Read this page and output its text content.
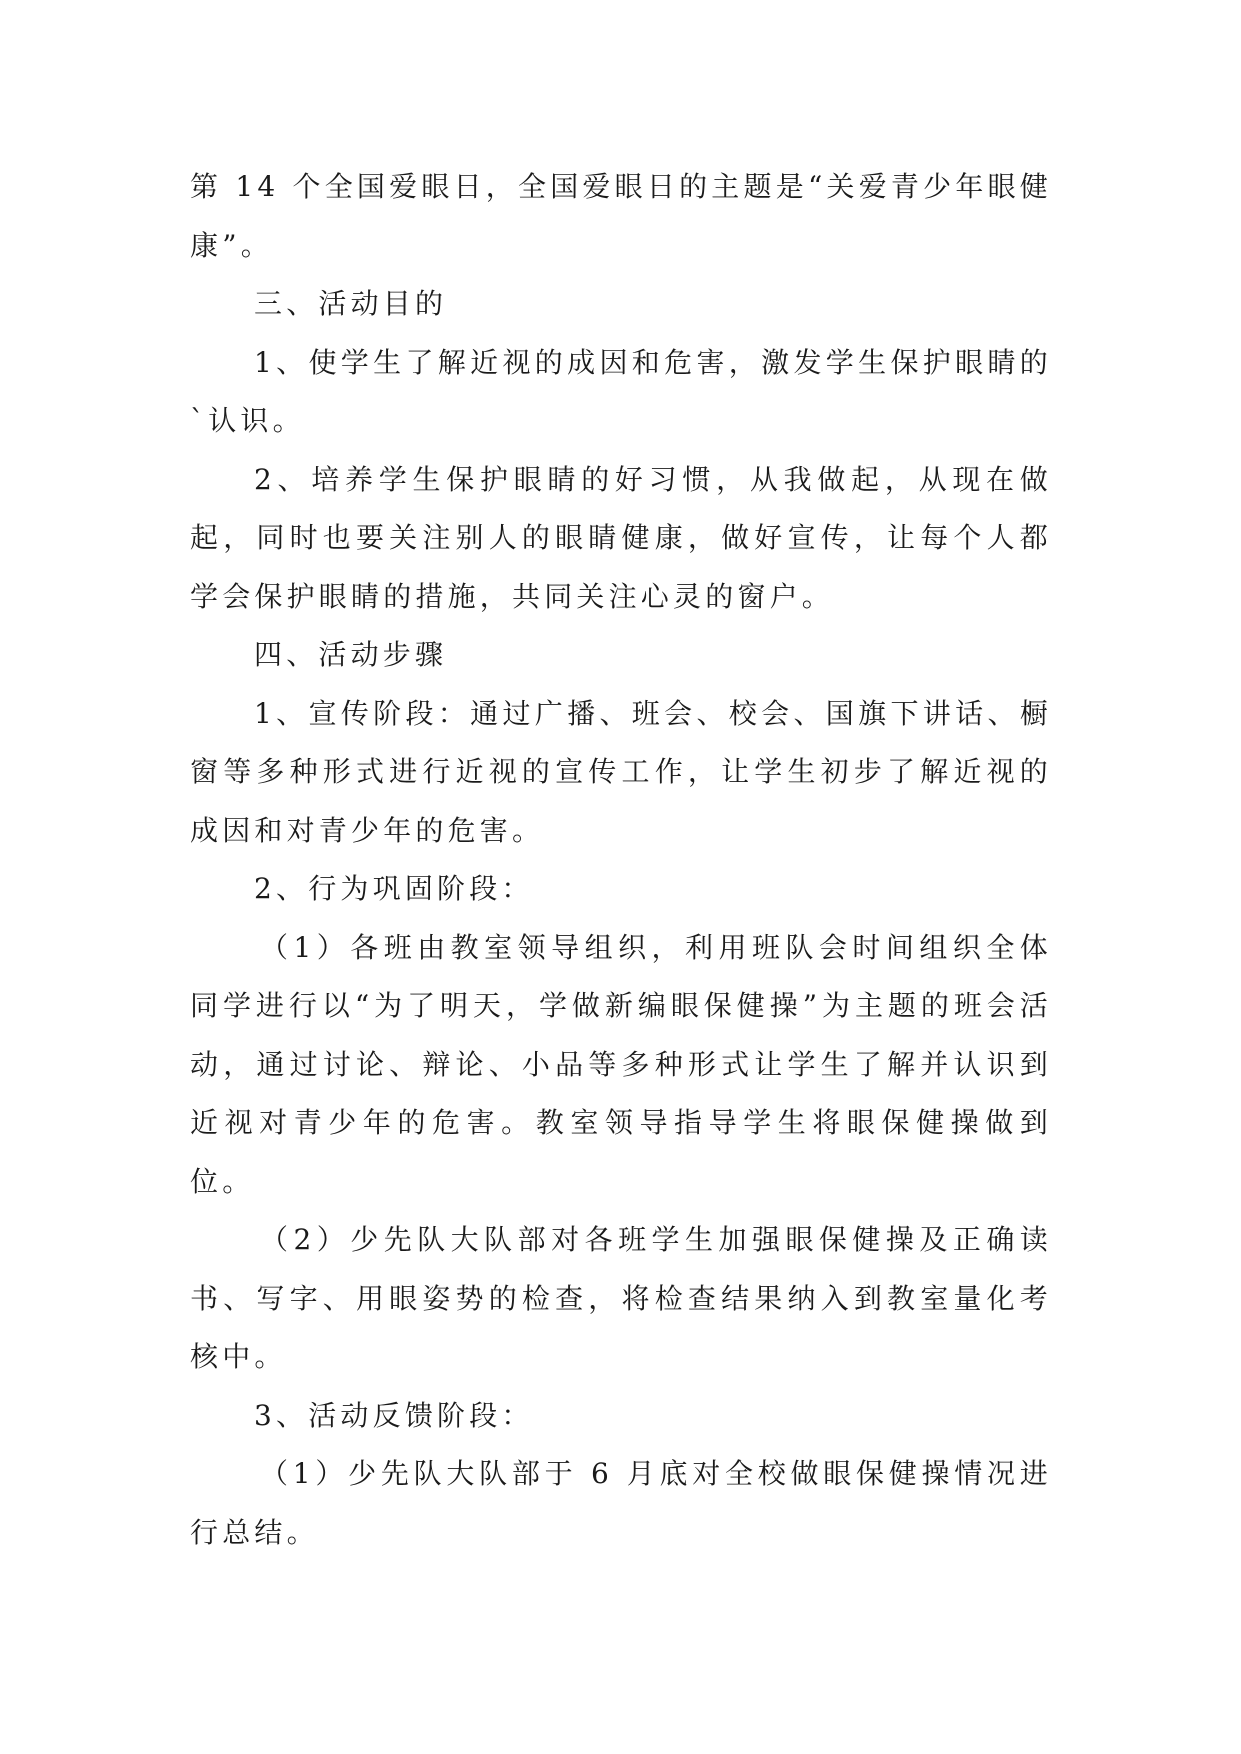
第 14 个全国爱眼日，全国爱眼日的主题是“关爱青少年眼健康”。

三、活动目的

1、使学生了解近视的成因和危害，激发学生保护眼睛的`认识。

2、培养学生保护眼睛的好习惯，从我做起，从现在做起，同时也要关注别人的眼睛健康，做好宣传，让每个人都学会保护眼睛的措施，共同关注心灵的窗户。

四、活动步骤

1、宣传阶段：通过广播、班会、校会、国旗下讲话、橱窗等多种形式进行近视的宣传工作，让学生初步了解近视的成因和对青少年的危害。

2、行为巩固阶段：

（1）各班由教室领导组织，利用班队会时间组织全体同学进行以“为了明天，学做新编眼保健操”为主题的班会活动，通过讨论、辩论、小品等多种形式让学生了解并认识到近视对青少年的危害。教室领导指导学生将眼保健操做到位。

（2）少先队大队部对各班学生加强眼保健操及正确读书、写字、用眼姿势的检查，将检查结果纳入到教室量化考核中。

3、活动反馈阶段：

（1）少先队大队部于 6 月底对全校做眼保健操情况进行总结。
